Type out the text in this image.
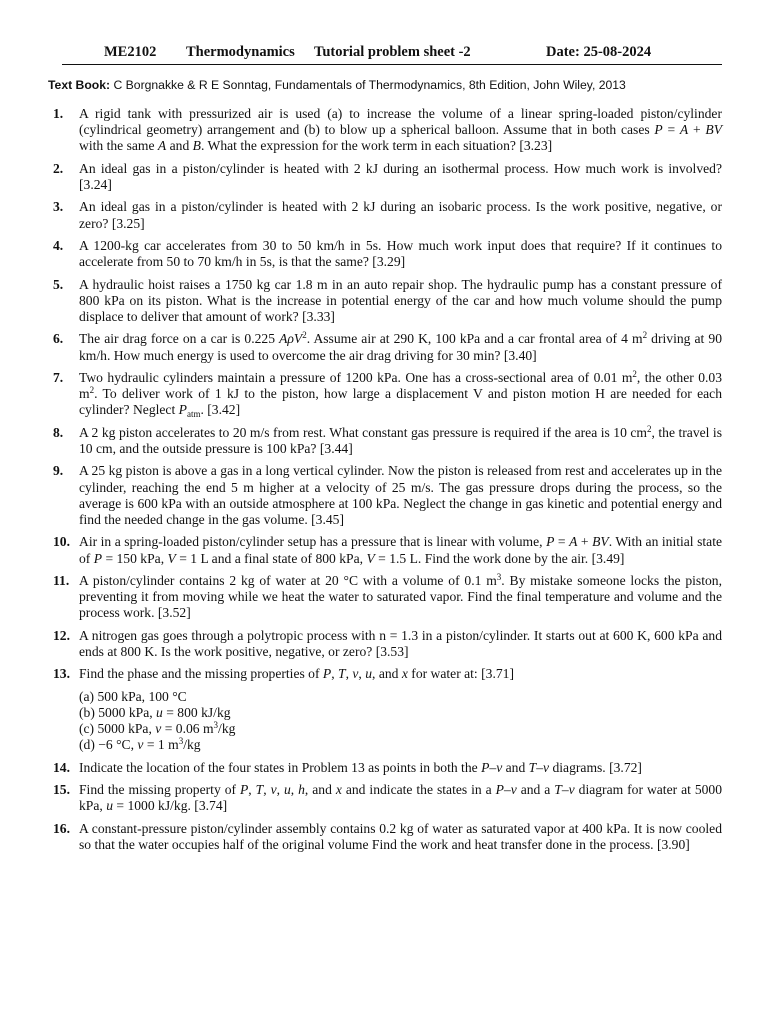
ME2102 Thermodynamics Tutorial problem sheet -2	Date: 25-08-2024
Text Book: C Borgnakke & R E Sonntag, Fundamentals of Thermodynamics, 8th Edition, John Wiley, 2013
1.	A rigid tank with pressurized air is used (a) to increase the volume of a linear spring-loaded piston/cylinder (cylindrical geometry) arrangement and (b) to blow up a spherical balloon. Assume that in both cases P = A + BV with the same A and B. What the expression for the work term in each situation? [3.23]
2.	An ideal gas in a piston/cylinder is heated with 2 kJ during an isothermal process. How much work is involved? [3.24]
3.	An ideal gas in a piston/cylinder is heated with 2 kJ during an isobaric process. Is the work positive, negative, or zero? [3.25]
4.	A 1200-kg car accelerates from 30 to 50 km/h in 5s. How much work input does that require? If it continues to accelerate from 50 to 70 km/h in 5s, is that the same? [3.29]
5.	A hydraulic hoist raises a 1750 kg car 1.8 m in an auto repair shop. The hydraulic pump has a constant pressure of 800 kPa on its piston. What is the increase in potential energy of the car and how much volume should the pump displace to deliver that amount of work? [3.33]
6.	The air drag force on a car is 0.225 AρV$^2$. Assume air at 290 K, 100 kPa and a car frontal area of 4 $m^2$ driving at 90 km/h. How much energy is used to overcome the air drag driving for 30 min? [3.40]
7.	Two hydraulic cylinders maintain a pressure of 1200 kPa. One has a cross-sectional area of 0.01 $m^2$, the other 0.03 $m^2$. To deliver work of 1 kJ to the piston, how large a displacement V and piston motion H are needed for each cylinder? Neglect $P_{atm}$. [3.42]
8.	A 2 kg piston accelerates to 20 m/s from rest. What constant gas pressure is required if the area is 10 $cm^2$, the travel is 10 cm, and the outside pressure is 100 kPa? [3.44]
9.	A 25 kg piston is above a gas in a long vertical cylinder. Now the piston is released from rest and accelerates up in the cylinder, reaching the end 5 m higher at a velocity of 25 m/s. The gas pressure drops during the process, so the average is 600 kPa with an outside atmosphere at 100 kPa. Neglect the change in gas kinetic and potential energy and find the needed change in the gas volume. [3.45]
10. Air in a spring-loaded piston/cylinder setup has a pressure that is linear with volume, P = A + BV. With an initial state of P = 150 kPa, V = 1 L and a final state of 800 kPa, V = 1.5 L. Find the work done by the air. [3.49]
11. A piston/cylinder contains 2 kg of water at 20 °C with a volume of 0.1 $m^3$. By mistake someone locks the piston, preventing it from moving while we heat the water to saturated vapor. Find the final temperature and volume and the process work. [3.52]
12. A nitrogen gas goes through a polytropic process with n = 1.3 in a piston/cylinder. It starts out at 600 K, 600 kPa and ends at 800 K. Is the work positive, negative, or zero? [3.53]
13. Find the phase and the missing properties of P, T, v, u, and x for water at: [3.71]
(a) 500 kPa, 100 °C
(b) 5000 kPa, u = 800 kJ/kg
(c) 5000 kPa, v = 0.06 $m^3/kg$
(d) −6 °C, v = 1 $m^3/kg$
14. Indicate the location of the four states in Problem 13 as points in both the P–v and T–v diagrams. [3.72]
15. Find the missing property of P, T, v, u, h, and x and indicate the states in a P–v and a T–v diagram for water at 5000 kPa, u = 1000 kJ/kg. [3.74]
16. A constant-pressure piston/cylinder assembly contains 0.2 kg of water as saturated vapor at 400 kPa. It is now cooled so that the water occupies half of the original volume Find the work and heat transfer done in the process. [3.90]
